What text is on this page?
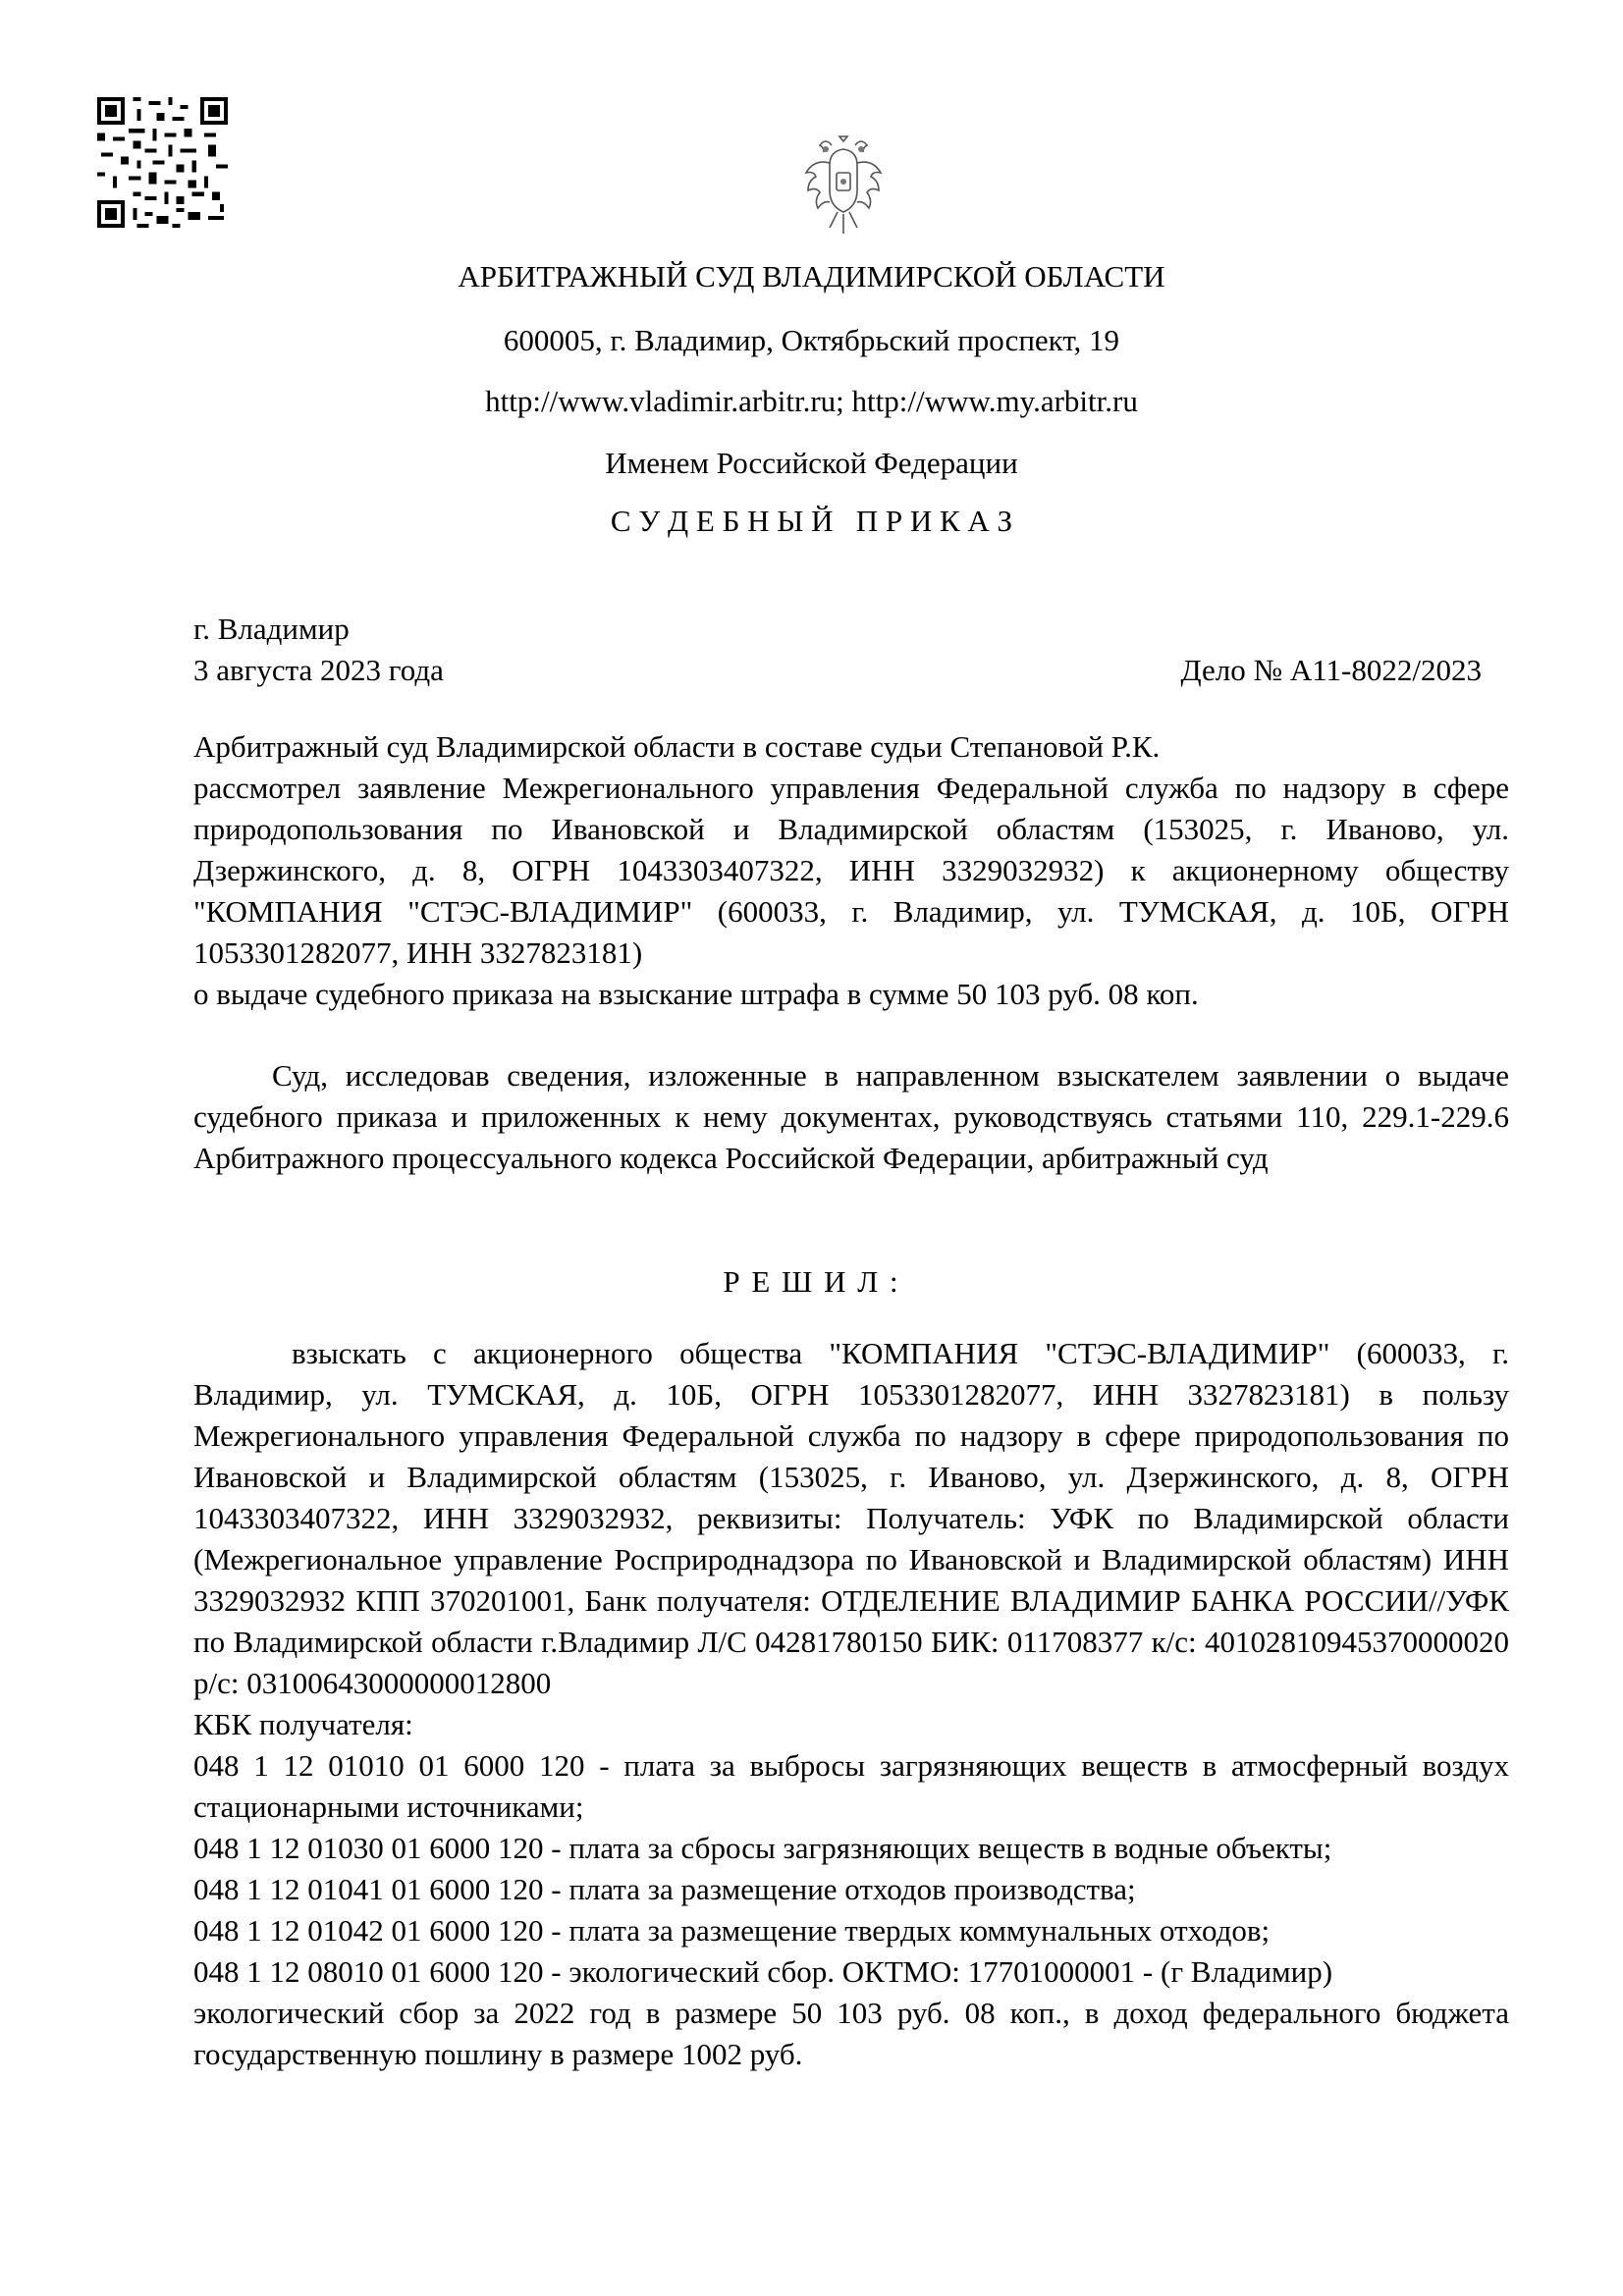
АРБИТРАЖНЫЙ СУД ВЛАДИМИРСКОЙ ОБЛАСТИ
600005, г. Владимир, Октябрьский проспект, 19
http://www.vladimir.arbitr.ru; http://www.my.arbitr.ru
Именем Российской Федерации
С У Д Е Б Н Ы Й   П Р И К А З

г. Владимир

3 августа 2023 года	Дело № А11-8022/2023

Арбитражный суд Владимирской области в составе судьи Степановой Р.К.

рассмотрел заявление Межрегионального управления Федеральной служба по надзору в сфере природопользования по Ивановской и Владимирской областям (153025, г. Иваново, ул. Дзержинского, д. 8, ОГРН 1043303407322, ИНН 3329032932) к акционерному обществу "КОМПАНИЯ "СТЭС-ВЛАДИМИР" (600033, г. Владимир, ул. ТУМСКАЯ, д. 10Б, ОГРН 1053301282077, ИНН 3327823181)

о выдаче судебного приказа на взыскание штрафа в сумме 50 103 руб. 08 коп.

Суд, исследовав сведения, изложенные в направленном взыскателем заявлении о выдаче судебного приказа и приложенных к нему документах, руководствуясь статьями 110, 229.1-229.6 Арбитражного процессуального кодекса Российской Федерации, арбитражный суд

Р Е Ш И Л :

взыскать с акционерного общества "КОМПАНИЯ "СТЭС-ВЛАДИМИР" (600033, г. Владимир, ул. ТУМСКАЯ, д. 10Б, ОГРН 1053301282077, ИНН 3327823181) в пользу Межрегионального управления Федеральной служба по надзору в сфере природопользования по Ивановской и Владимирской областям (153025, г. Иваново, ул. Дзержинского, д. 8, ОГРН 1043303407322, ИНН 3329032932, реквизиты: Получатель: УФК по Владимирской области (Межрегиональное управление Росприроднадзора по Ивановской и Владимирской областям) ИНН 3329032932 КПП 370201001, Банк получателя: ОТДЕЛЕНИЕ ВЛАДИМИР БАНКА РОССИИ//УФК по Владимирской области г.Владимир Л/С 04281780150 БИК: 011708377 к/с: 40102810945370000020 р/с: 03100643000000012800

КБК получателя:

048 1 12 01010 01 6000 120 - плата за выбросы загрязняющих веществ в атмосферный воздух стационарными источниками;

048 1 12 01030 01 6000 120 - плата за сбросы загрязняющих веществ в водные объекты;

048 1 12 01041 01 6000 120 - плата за размещение отходов производства;

048 1 12 01042 01 6000 120 - плата за размещение твердых коммунальных отходов;

048 1 12 08010 01 6000 120 - экологический сбор. ОКТМО: 17701000001 - (г Владимир)

экологический сбор за 2022 год в размере 50 103 руб. 08 коп., в доход федерального бюджета государственную пошлину в размере 1002 руб.
